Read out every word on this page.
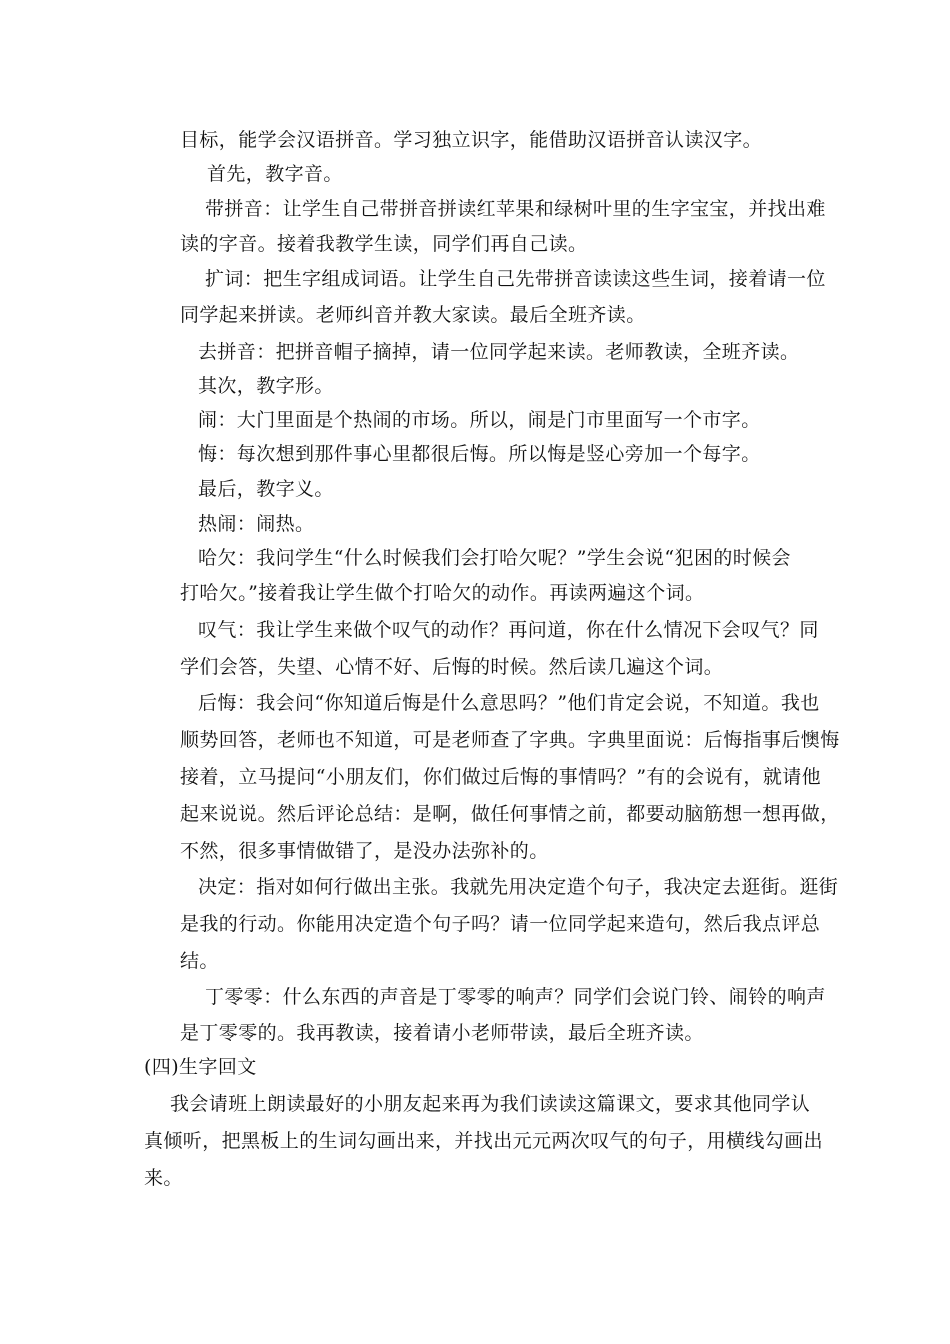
目标，能学会汉语拼音。学习独立识字，能借助汉语拼音认读汉字。
首先，教字音。
带拼音：让学生自己带拼音拼读红苹果和绿树叶里的生字宝宝，并找出难
读的字音。接着我教学生读，同学们再自己读。
扩词：把生字组成词语。让学生自己先带拼音读读这些生词，接着请一位
同学起来拼读。老师纠音并教大家读。最后全班齐读。
去拼音：把拼音帽子摘掉，请一位同学起来读。老师教读，全班齐读。
其次，教字形。
闹：大门里面是个热闹的市场。所以，闹是门市里面写一个市字。
悔：每次想到那件事心里都很后悔。所以悔是竖心旁加一个每字。
最后，教字义。
热闹：闹热。
哈欠：我问学生“什么时候我们会打哈欠呢？”学生会说“犯困的时候会
打哈欠。”接着我让学生做个打哈欠的动作。再读两遍这个词。
叹气：我让学生来做个叹气的动作？再问道，你在什么情况下会叹气？同
学们会答，失望、心情不好、后悔的时候。然后读几遍这个词。
后悔：我会问“你知道后悔是什么意思吗？”他们肯定会说，不知道。我也
顺势回答，老师也不知道，可是老师查了字典。字典里面说：后悔指事后懊悔
接着，立马提问“小朋友们，你们做过后悔的事情吗？”有的会说有，就请他
起来说说。然后评论总结：是啊，做任何事情之前，都要动脑筋想一想再做，
不然，很多事情做错了，是没办法弥补的。
决定：指对如何行做出主张。我就先用决定造个句子，我决定去逛街。逛街
是我的行动。你能用决定造个句子吗？请一位同学起来造句，然后我点评总
结。
丁零零：什么东西的声音是丁零零的响声？同学们会说门铃、闹铃的响声
是丁零零的。我再教读，接着请小老师带读，最后全班齐读。
(四)生字回文
我会请班上朗读最好的小朋友起来再为我们读读这篇课文，要求其他同学认
真倾听，把黑板上的生词勾画出来，并找出元元两次叹气的句子，用横线勾画出
来。
